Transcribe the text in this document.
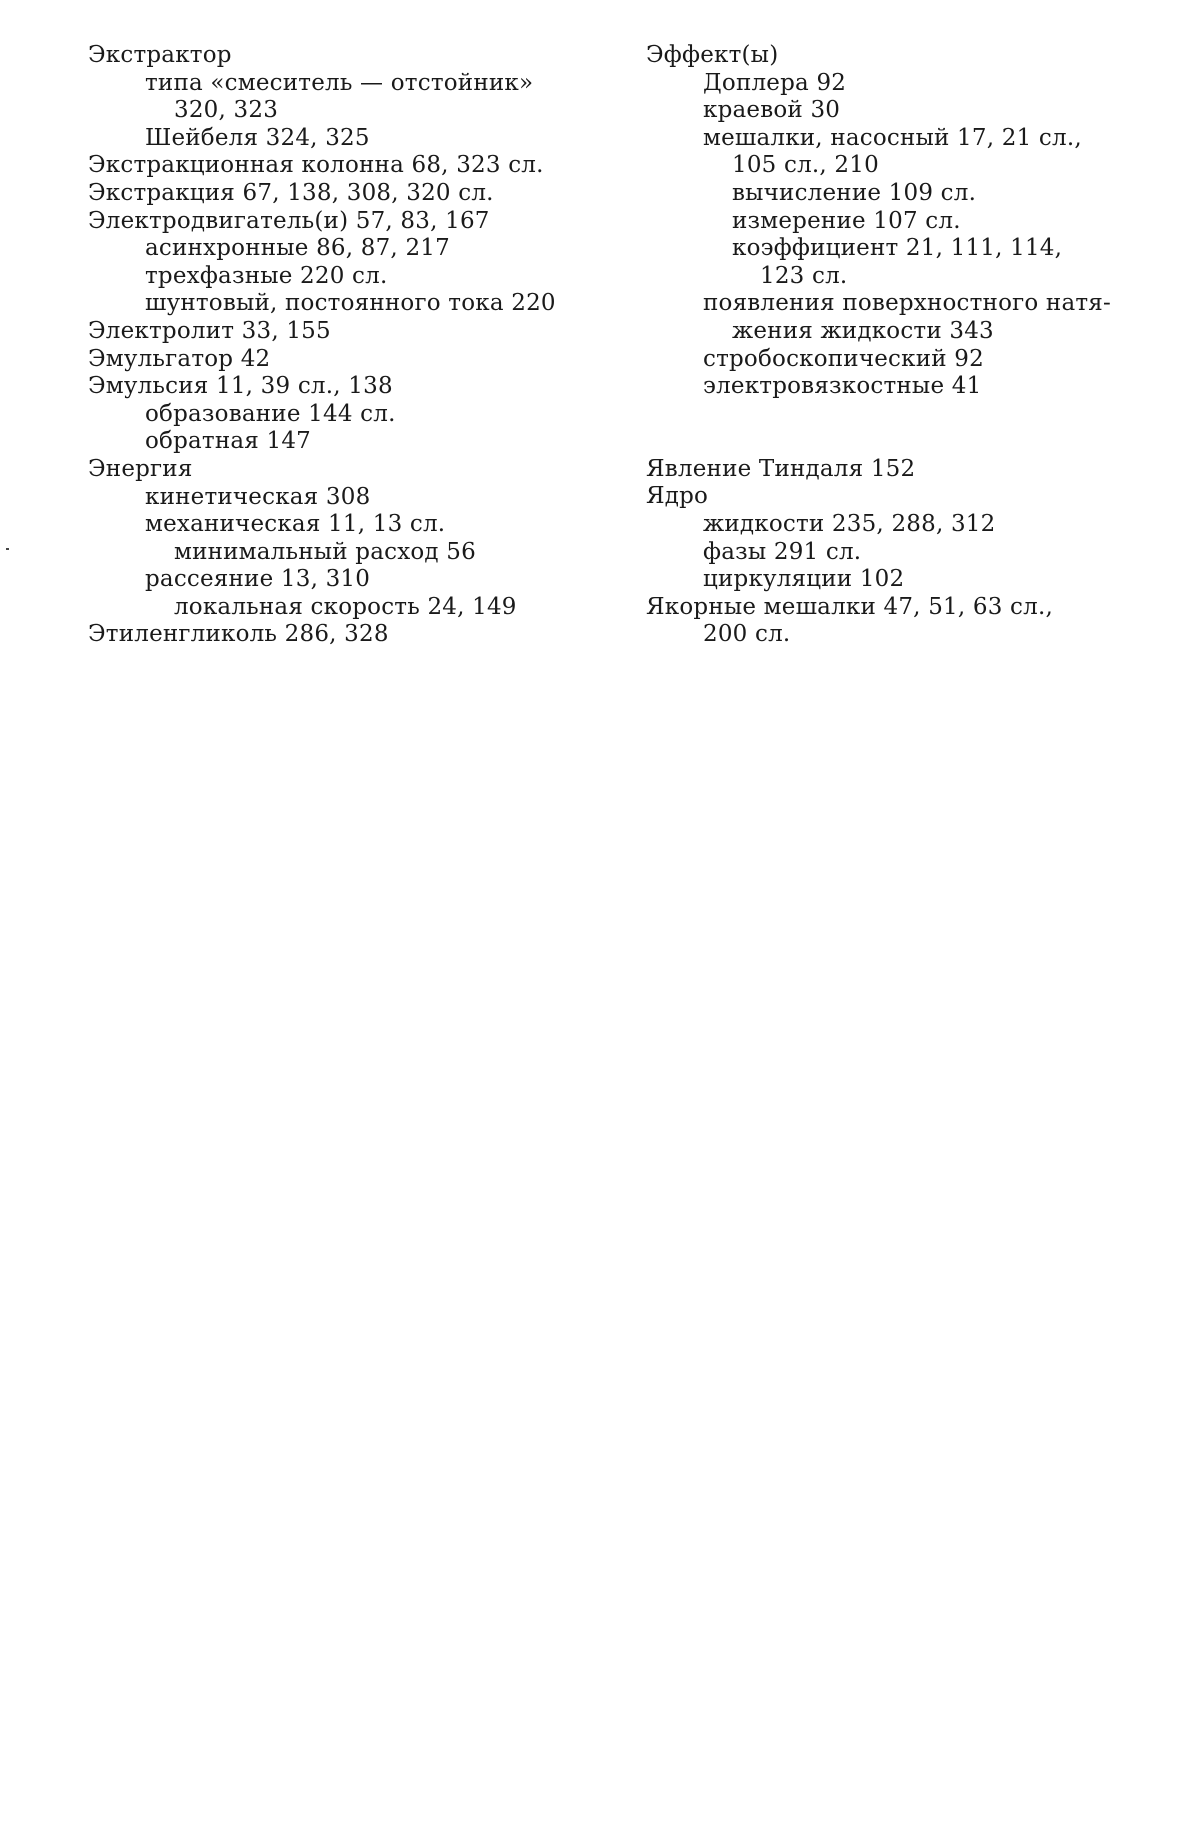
Экстрактор
типа «смеситель — отстойник»
320, 323
Шейбеля 324, 325
Экстракционная колонна 68, 323 сл.
Экстракция 67, 138, 308, 320 сл.
Электродвигатель(и) 57, 83, 167
асинхронные 86, 87, 217
трехфазные 220 сл.
шунтовый, постоянного тока 220
Электролит 33, 155
Эмульгатор 42
Эмульсия 11, 39 сл., 138
образование 144 сл.
обратная 147
Энергия
кинетическая 308
механическая 11, 13 сл.
минимальный расход 56
рассеяние 13, 310
локальная скорость 24, 149
Этиленгликоль 286, 328
Эффект(ы)
Доплера 92
краевой 30
мешалки, насосный 17, 21 сл.,
105 сл., 210
вычисление 109 сл.
измерение 107 сл.
коэффициент 21, 111, 114,
123 сл.
появления поверхностного натя-
жения жидкости 343
стробоскопический 92
электровязкостные 41
Явление Тиндаля 152
Ядро
жидкости 235, 288, 312
фазы 291 сл.
циркуляции 102
Якорные мешалки 47, 51, 63 сл.,
200 сл.
